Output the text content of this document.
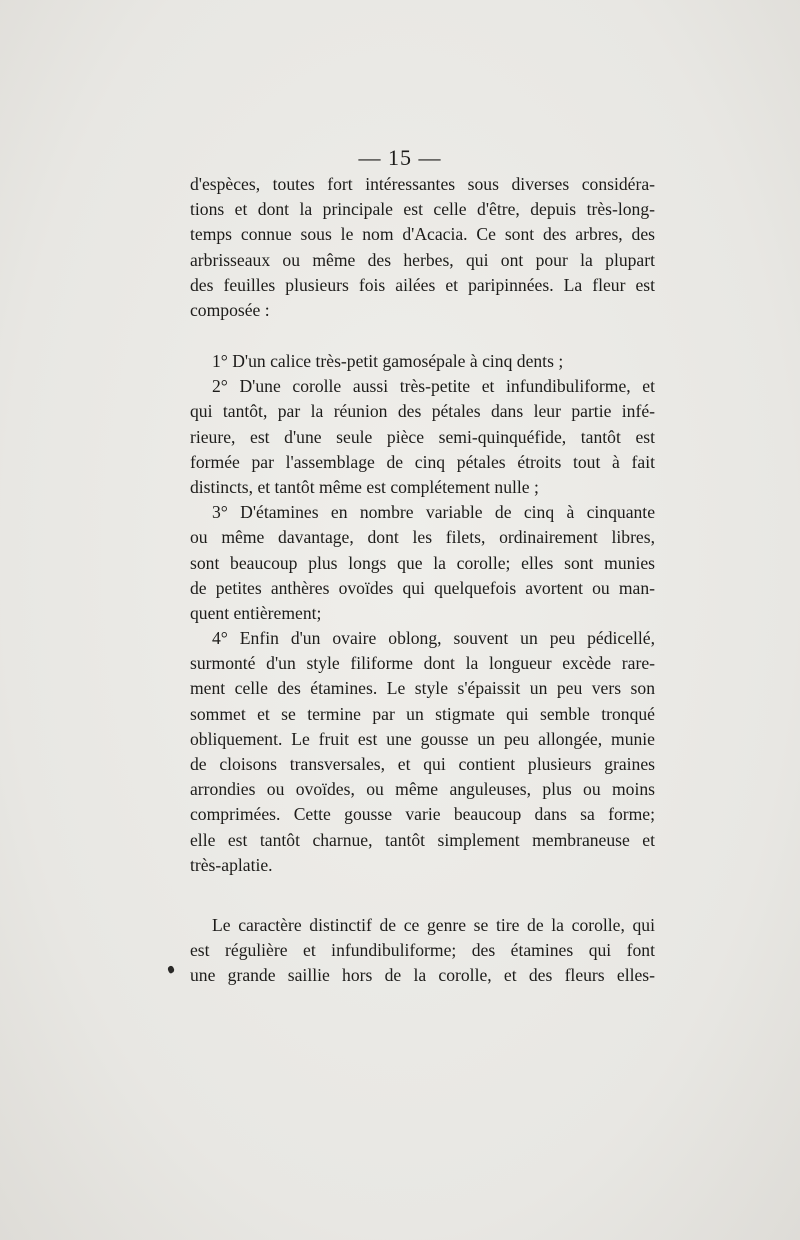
— 15 —
d'espèces, toutes fort intéressantes sous diverses considéra-
tions et dont la principale est celle d'être, depuis très-long-
temps connue sous le nom d'Acacia. Ce sont des arbres, des
arbrisseaux ou même des herbes, qui ont pour la plupart
des feuilles plusieurs fois ailées et paripinnées. La fleur est
composée :
1° D'un calice très-petit gamosépale à cinq dents ;
2° D'une corolle aussi très-petite et infundibuliforme, et
qui tantôt, par la réunion des pétales dans leur partie infé-
rieure, est d'une seule pièce semi-quinquéfide, tantôt est
formée par l'assemblage de cinq pétales étroits tout à fait
distincts, et tantôt même est complétement nulle ;
3° D'étamines en nombre variable de cinq à cinquante
ou même davantage, dont les filets, ordinairement libres,
sont beaucoup plus longs que la corolle; elles sont munies
de petites anthères ovoïdes qui quelquefois avortent ou man-
quent entièrement;
4° Enfin d'un ovaire oblong, souvent un peu pédicellé,
surmonté d'un style filiforme dont la longueur excède rare-
ment celle des étamines. Le style s'épaissit un peu vers son
sommet et se termine par un stigmate qui semble tronqué
obliquement. Le fruit est une gousse un peu allongée, munie
de cloisons transversales, et qui contient plusieurs graines
arrondies ou ovoïdes, ou même anguleuses, plus ou moins
comprimées. Cette gousse varie beaucoup dans sa forme;
elle est tantôt charnue, tantôt simplement membraneuse et
très-aplatie.
Le caractère distinctif de ce genre se tire de la corolle, qui
est régulière et infundibuliforme; des étamines qui font
une grande saillie hors de la corolle, et des fleurs elles-
